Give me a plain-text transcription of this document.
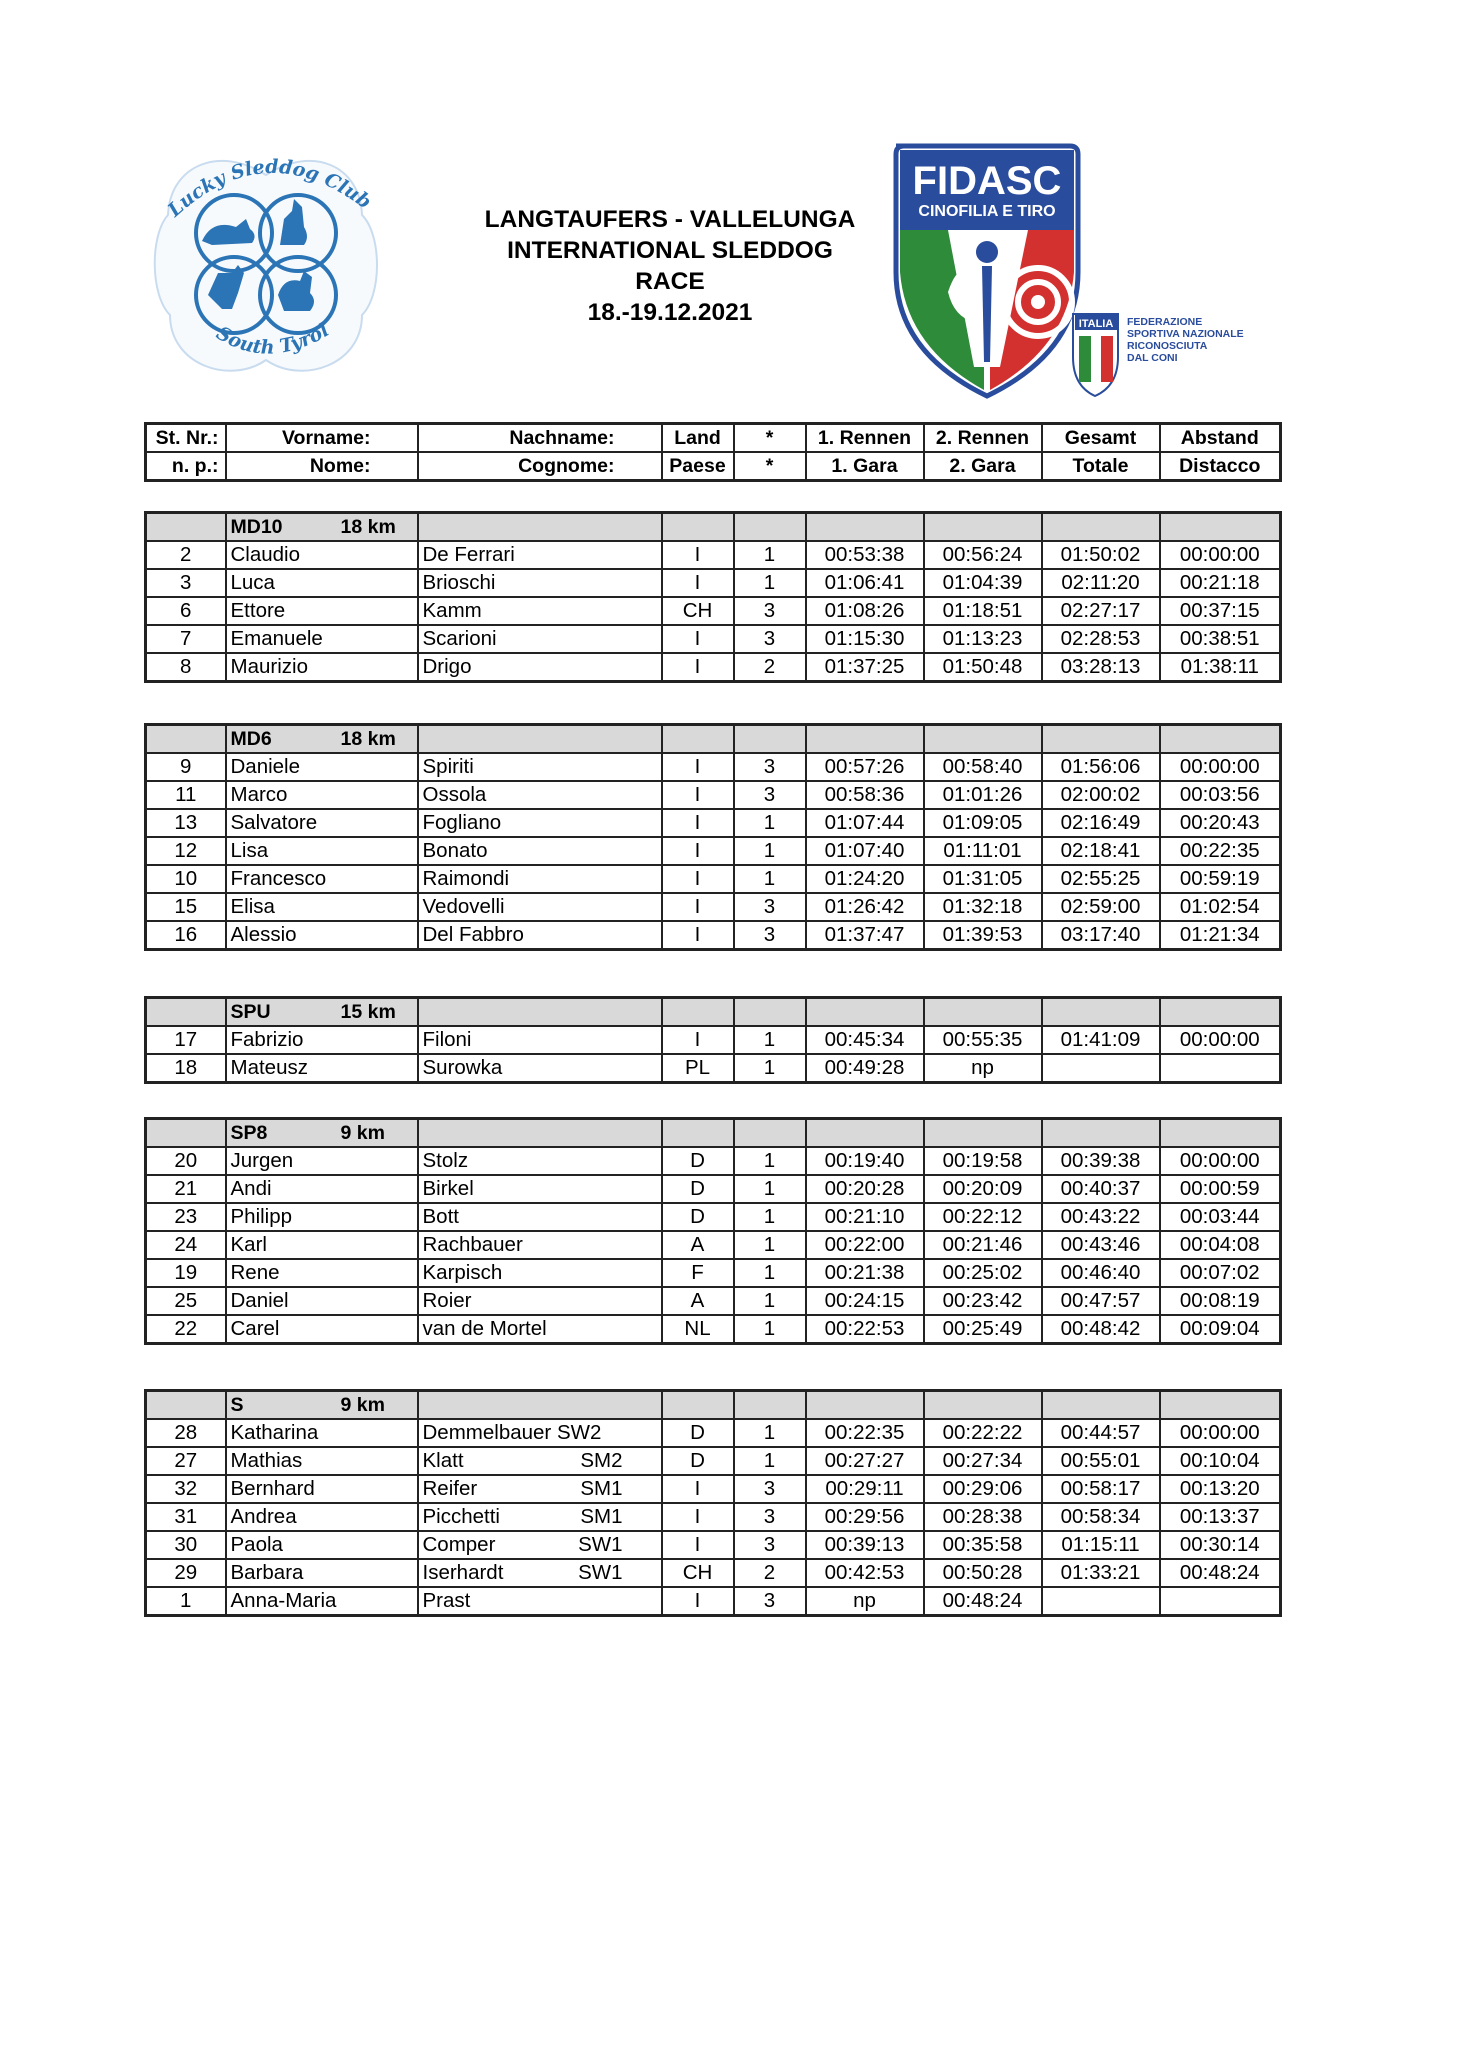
Lucky Sleddog Club
South Tyrol
LANGTAUFERS - VALLELUNGA
INTERNATIONAL SLEDDOG
RACE
18.-19.12.2021
FIDASC
CINOFILIA E TIRO
ITALIA FEDERAZIONE
SPORTIVA NAZIONALE
RICONOSCIUTA
DAL CONI
St. Nr.:	Vorname:	Nachname:	Land	*	1. Rennen	2. Rennen	Gesamt	Abstand
n. p.:	Nome:	Cognome:	Paese	*	1. Gara	2. Gara	Totale	Distacco
	MD10 18 km							
2	Claudio	De Ferrari	I	1	00:53:38	00:56:24	01:50:02	00:00:00
3	Luca	Brioschi	I	1	01:06:41	01:04:39	02:11:20	00:21:18
6	Ettore	Kamm	CH	3	01:08:26	01:18:51	02:27:17	00:37:15
7	Emanuele	Scarioni	I	3	01:15:30	01:13:23	02:28:53	00:38:51
8	Maurizio	Drigo	I	2	01:37:25	01:50:48	03:28:13	01:38:11
	MD6 18 km							
9	Daniele	Spiriti	I	3	00:57:26	00:58:40	01:56:06	00:00:00
11	Marco	Ossola	I	3	00:58:36	01:01:26	02:00:02	00:03:56
13	Salvatore	Fogliano	I	1	01:07:44	01:09:05	02:16:49	00:20:43
12	Lisa	Bonato	I	1	01:07:40	01:11:01	02:18:41	00:22:35
10	Francesco	Raimondi	I	1	01:24:20	01:31:05	02:55:25	00:59:19
15	Elisa	Vedovelli	I	3	01:26:42	01:32:18	02:59:00	01:02:54
16	Alessio	Del Fabbro	I	3	01:37:47	01:39:53	03:17:40	01:21:34
	SPU 15 km							
17	Fabrizio	Filoni	I	1	00:45:34	00:55:35	01:41:09	00:00:00
18	Mateusz	Surowka	PL	1	00:49:28	np		
	SP8 9 km							
20	Jurgen	Stolz	D	1	00:19:40	00:19:58	00:39:38	00:00:00
21	Andi	Birkel	D	1	00:20:28	00:20:09	00:40:37	00:00:59
23	Philipp	Bott	D	1	00:21:10	00:22:12	00:43:22	00:03:44
24	Karl	Rachbauer	A	1	00:22:00	00:21:46	00:43:46	00:04:08
19	Rene	Karpisch	F	1	00:21:38	00:25:02	00:46:40	00:07:02
25	Daniel	Roier	A	1	00:24:15	00:23:42	00:47:57	00:08:19
22	Carel	van de Mortel	NL	1	00:22:53	00:25:49	00:48:42	00:09:04
	S 9 km							
28	Katharina	Demmelbauer SW2	D	1	00:22:35	00:22:22	00:44:57	00:00:00
27	Mathias	Klatt SM2	D	1	00:27:27	00:27:34	00:55:01	00:10:04
32	Bernhard	Reifer SM1	I	3	00:29:11	00:29:06	00:58:17	00:13:20
31	Andrea	Picchetti SM1	I	3	00:29:56	00:28:38	00:58:34	00:13:37
30	Paola	Comper SW1	I	3	00:39:13	00:35:58	01:15:11	00:30:14
29	Barbara	Iserhardt SW1	CH	2	00:42:53	00:50:28	01:33:21	00:48:24
1	Anna-Maria	Prast	I	3	np	00:48:24		
